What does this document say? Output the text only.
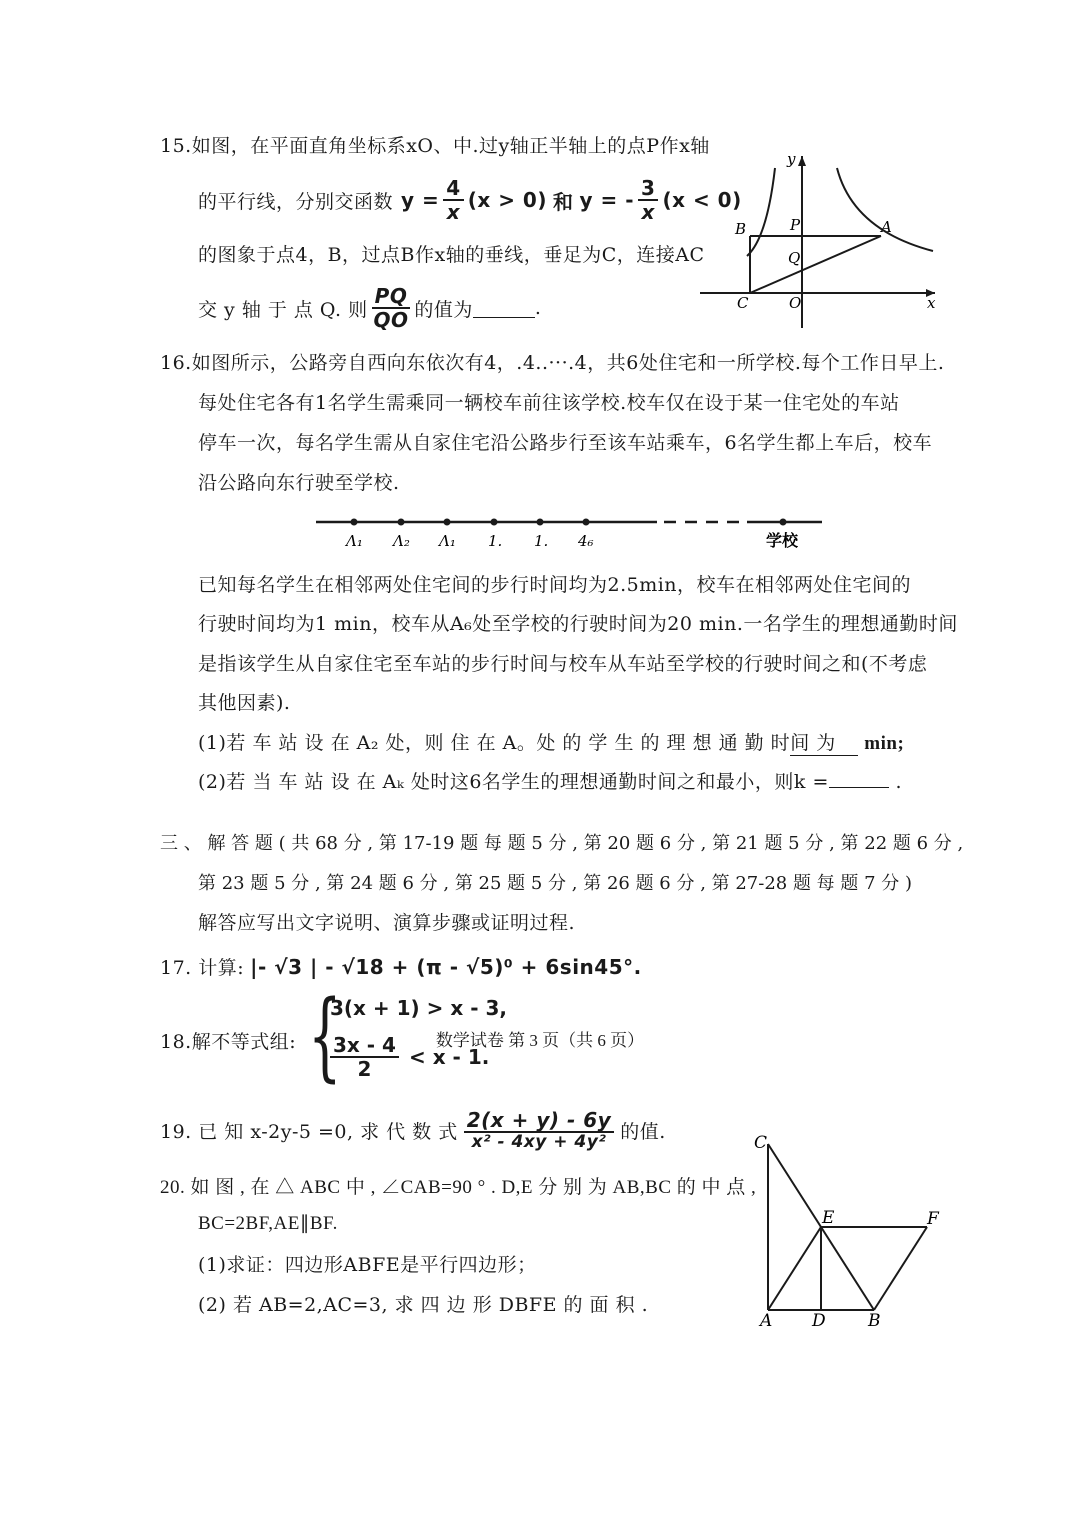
15.如图，在平面直角坐标系xO、中.过y轴正半轴上的点P作x轴
的平行线，分别交函数 $y = \frac{4}{x} (x > 0)$ 和 y = - $\frac{3}{x} (x < 0)$
的图象于点4，B，过点B作x轴的垂线，垂足为C，连接AC
交 y 轴 于 点 Q. 则 $\frac{PQ}{QO}$ 的值为	.
y
B	P	A
Q
C	O	x
16.如图所示，公路旁自西向东依次有4，.4..···.4，共6处住宅和一所学校.每个工作日早上.
每处住宅各有1名学生需乘同一辆校车前往该学校.校车仅在设于某一住宅处的车站
停车一次，每名学生需从自家住宅沿公路步行至该车站乘车，6名学生都上车后，校车
沿公路向东行驶至学校.
Λ₁ Λ₂ Λ₁ 1. 1. 4₆	学校
已知每名学生在相邻两处住宅间的步行时间均为2.5min，校车在相邻两处住宅间的
行驶时间均为1 min，校车从A₆处至学校的行驶时间为20 min.一名学生的理想通勤时间
是指该学生从自家住宅至车站的步行时间与校车从车站至学校的行驶时间之和(不考虑
其他因素).
(1)若 车 站 设 在 A₂ 处，则 住 在 A。处 的 学 生 的 理 想 通 勤 时间 为 min;
(2)若 当 车 站 设 在 Aₖ 处时这6名学生的理想通勤时间之和最小，则k =	.
三 、 解 答 题 ( 共 68 分 , 第 17-19 题 每 题 5 分 , 第 20 题 6 分 , 第 21 题 5 分 , 第 22 题 6 分 ,
第 23 题 5 分 , 第 24 题 6 分 , 第 25 题 5 分 , 第 26 题 6 分 , 第 27-28 题 每 题 7 分 )
解答应写出文字说明、演算步骤或证明过程.
17. 计算: |- √3 | - √18 + (π - √5)⁰ + 6sin45°.
18.解不等式组: {
3(x + 1) > x - 3,
$\frac{3x - 4}{2} < x - 1$.
19. 已 知 x-2y-5 =0, 求 代 数 式 $\frac{2(x + y) - 6y}{\text{x² - 4xy + 4y²}}$ 的值.
20. 如 图 , 在 △ ABC 中 , ∠CAB=90 ° . D,E 分 别 为 AB,BC 的 中 点 ,
BC=2BF,AE∥BF.
(1)求证：四边形ABFE是平行四边形；
(2) 若 AB=2,AC=3, 求 四 边 形 DBFE 的 面 积 .
C
E	F
A D B
数学试卷 第 3 页（共 6 页）
